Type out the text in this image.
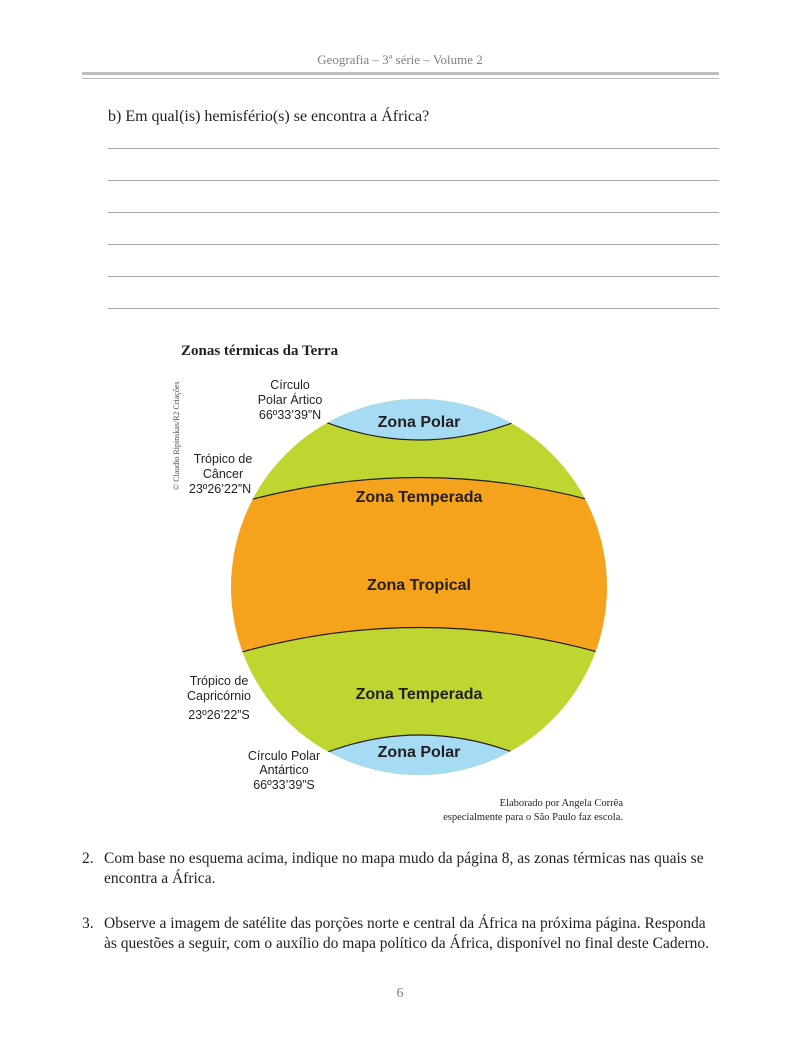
Geografia – 3ª série – Volume 2
b) Em qual(is) hemisfério(s) se encontra a África?
Zonas térmicas da Terra
© Claudio Ripinskas/R2 Criações	Zona Polar
Zona Temperada
Zona Tropical
Zona Temperada
Zona Polar
Círculo
Polar Ártico
66º33’39”N
Trópico de
Câncer
23º26’22”N
Trópico de
Capricórnio
23º26’22”S
Círculo Polar
Antártico
66º33’39”S
Elaborado por Angela Corrêa
especialmente para o São Paulo faz escola.
2. Com base no esquema acima, indique no mapa mudo da página 8, as zonas térmicas nas quais se encontra a África.
3. Observe a imagem de satélite das porções norte e central da África na próxima página. Responda às questões a seguir, com o auxílio do mapa político da África, disponível no final deste Caderno.
6
